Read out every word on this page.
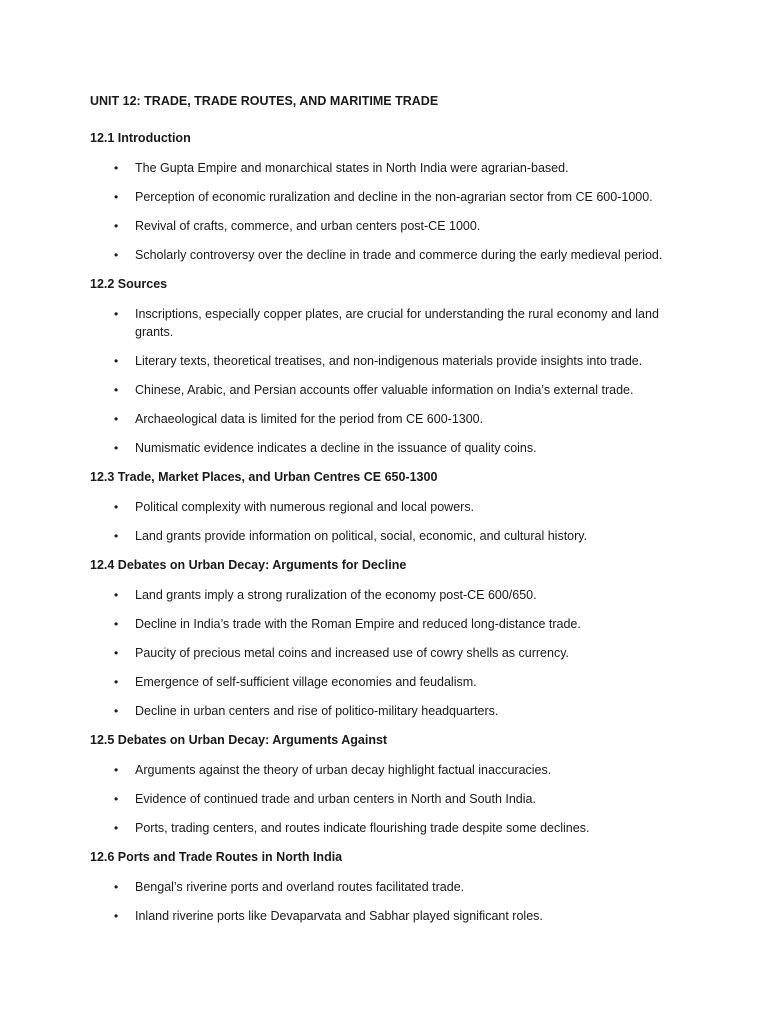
UNIT 12: TRADE, TRADE ROUTES, AND MARITIME TRADE
12.1 Introduction
• The Gupta Empire and monarchical states in North India were agrarian-based.
• Perception of economic ruralization and decline in the non-agrarian sector from CE 600-1000.
• Revival of crafts, commerce, and urban centers post-CE 1000.
• Scholarly controversy over the decline in trade and commerce during the early medieval period.
12.2 Sources
• Inscriptions, especially copper plates, are crucial for understanding the rural economy and land grants.
• Literary texts, theoretical treatises, and non-indigenous materials provide insights into trade.
• Chinese, Arabic, and Persian accounts offer valuable information on India’s external trade.
• Archaeological data is limited for the period from CE 600-1300.
• Numismatic evidence indicates a decline in the issuance of quality coins.
12.3 Trade, Market Places, and Urban Centres CE 650-1300
• Political complexity with numerous regional and local powers.
• Land grants provide information on political, social, economic, and cultural history.
12.4 Debates on Urban Decay: Arguments for Decline
• Land grants imply a strong ruralization of the economy post-CE 600/650.
• Decline in India’s trade with the Roman Empire and reduced long-distance trade.
• Paucity of precious metal coins and increased use of cowry shells as currency.
• Emergence of self-sufficient village economies and feudalism.
• Decline in urban centers and rise of politico-military headquarters.
12.5 Debates on Urban Decay: Arguments Against
• Arguments against the theory of urban decay highlight factual inaccuracies.
• Evidence of continued trade and urban centers in North and South India.
• Ports, trading centers, and routes indicate flourishing trade despite some declines.
12.6 Ports and Trade Routes in North India
• Bengal’s riverine ports and overland routes facilitated trade.
• Inland riverine ports like Devaparvata and Sabhar played significant roles.
